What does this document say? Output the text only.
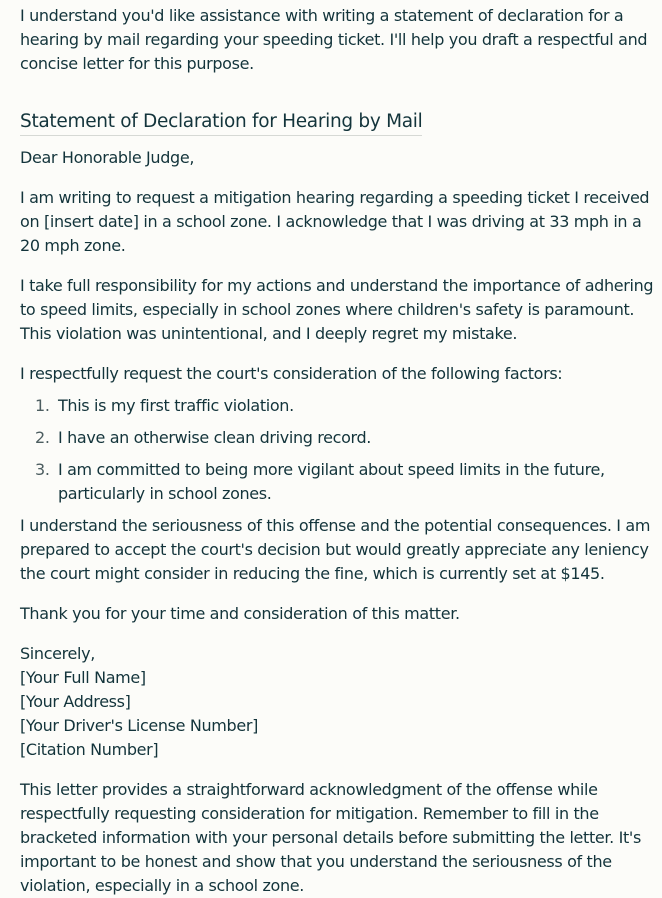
I understand you'd like assistance with writing a statement of declaration for a hearing by mail regarding your speeding ticket. I'll help you draft a respectful and concise letter for this purpose.

Statement of Declaration for Hearing by Mail

Dear Honorable Judge,

I am writing to request a mitigation hearing regarding a speeding ticket I received on [insert date] in a school zone. I acknowledge that I was driving at 33 mph in a 20 mph zone.

I take full responsibility for my actions and understand the importance of adhering to speed limits, especially in school zones where children's safety is paramount. This violation was unintentional, and I deeply regret my mistake.

I respectfully request the court's consideration of the following factors:

1. This is my first traffic violation.
2. I have an otherwise clean driving record.
3. I am committed to being more vigilant about speed limits in the future, particularly in school zones.

I understand the seriousness of this offense and the potential consequences. I am prepared to accept the court's decision but would greatly appreciate any leniency the court might consider in reducing the fine, which is currently set at $145.

Thank you for your time and consideration of this matter.

Sincerely,

[Your Full Name]

[Your Address]

[Your Driver's License Number]

[Citation Number]

This letter provides a straightforward acknowledgment of the offense while respectfully requesting consideration for mitigation. Remember to fill in the bracketed information with your personal details before submitting the letter. It's important to be honest and show that you understand the seriousness of the violation, especially in a school zone.
